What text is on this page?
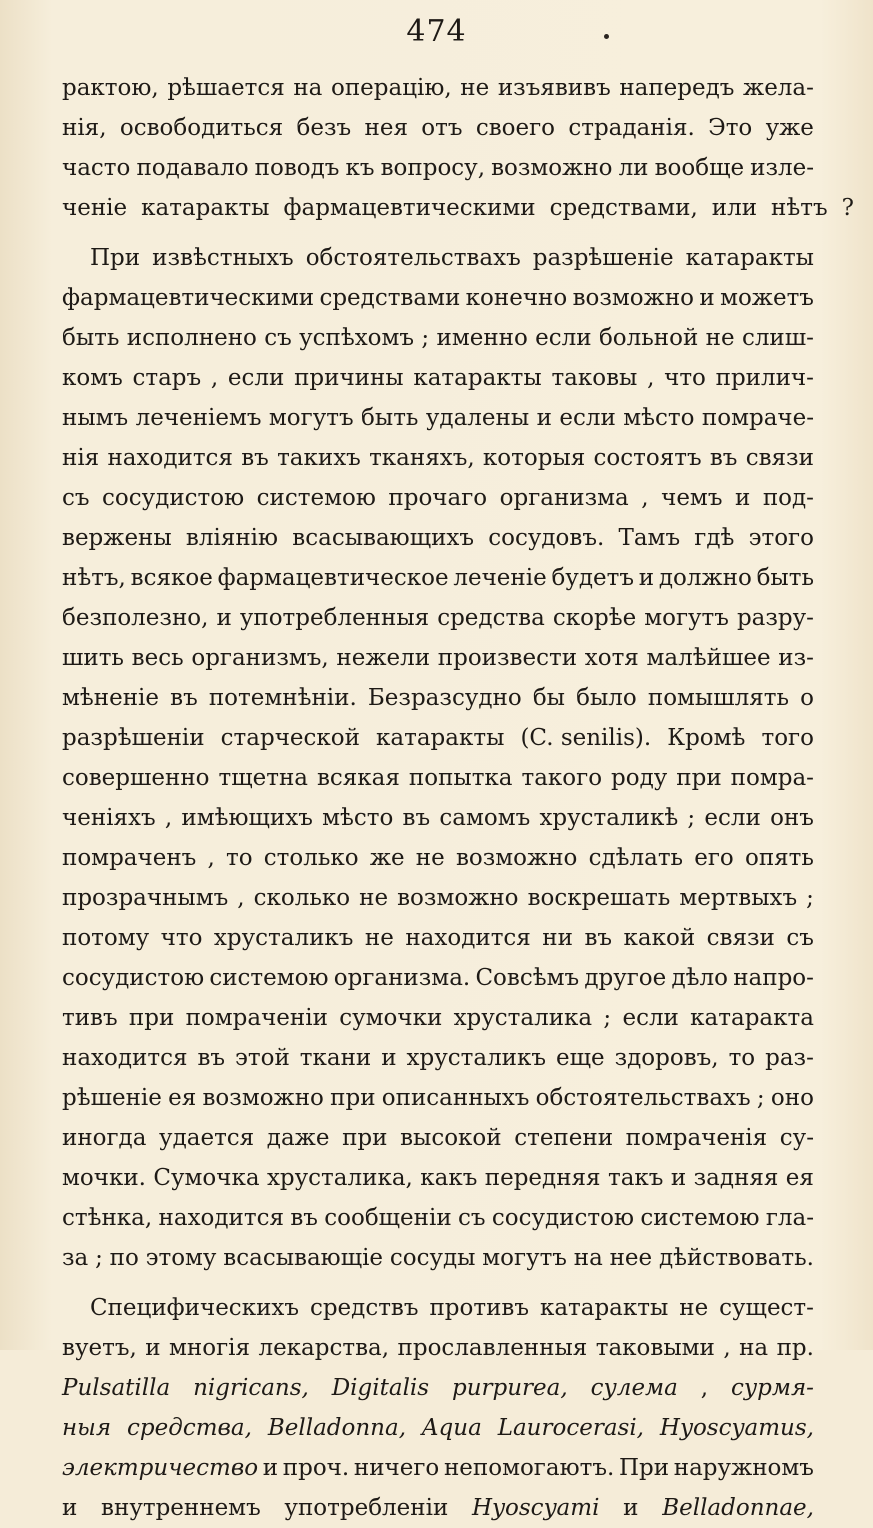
474
рактою, рѣшается на операцію, не изъявивъ напередъ жела-
нія, освободиться безъ нея отъ своего страданія. Это уже
часто подавало поводъ къ вопросу, возможно ли вообще изле-
ченіе катаракты фармацевтическими средствами, или нѣтъ ?
При извѣстныхъ обстоятельствахъ разрѣшеніе катаракты
фармацевтическими средствами конечно возможно и можетъ
быть исполнено съ успѣхомъ ; именно если больной не слиш-
комъ старъ , если причины катаракты таковы , что прилич-
нымъ леченіемъ могутъ быть удалены и если мѣсто помраче-
нія находится въ такихъ тканяхъ, которыя состоятъ въ связи
съ сосудистою системою прочаго организма , чемъ и под-
вержены вліянію всасывающихъ сосудовъ. Тамъ гдѣ этого
нѣтъ, всякое фармацевтическое леченіе будетъ и должно быть
безполезно, и употребленныя средства скорѣе могутъ разру-
шить весь организмъ, нежели произвести хотя малѣйшее из-
мѣненіе въ потемнѣніи. Безразсудно бы было помышлять о
разрѣшеніи старческой катаракты (C. senilis). Кромѣ того
совершенно тщетна всякая попытка такого роду при помра-
ченіяхъ , имѣющихъ мѣсто въ самомъ хрусталикѣ ; если онъ
помраченъ , то столько же не возможно сдѣлать его опять
прозрачнымъ , сколько не возможно воскрешать мертвыхъ ;
потому что хрусталикъ не находится ни въ какой связи съ
сосудистою системою организма. Совсѣмъ другое дѣло напро-
тивъ при помраченіи сумочки хрусталика ; если катаракта
находится въ этой ткани и хрусталикъ еще здоровъ, то раз-
рѣшеніе ея возможно при описанныхъ обстоятельствахъ ; оно
иногда удается даже при высокой степени помраченія су-
мочки. Сумочка хрусталика, какъ передняя такъ и задняя ея
стѣнка, находится въ сообщеніи съ сосудистою системою гла-
за ; по этому всасывающіе сосуды могутъ на нее дѣйствовать.
Специфическихъ средствъ противъ катаракты не сущест-
вуетъ, и многія лекарства, прославленныя таковыми , на пр.
Pulsatilla nigricans, Digitalis purpurea, сулема , сурмя-
ныя средства, Belladonna, Aqua Laurocerasi, Hyoscyamus,
электричество и проч. ничего непомогаютъ. При наружномъ
и внутреннемъ употребленіи Hyoscyami и Belladonnae,
